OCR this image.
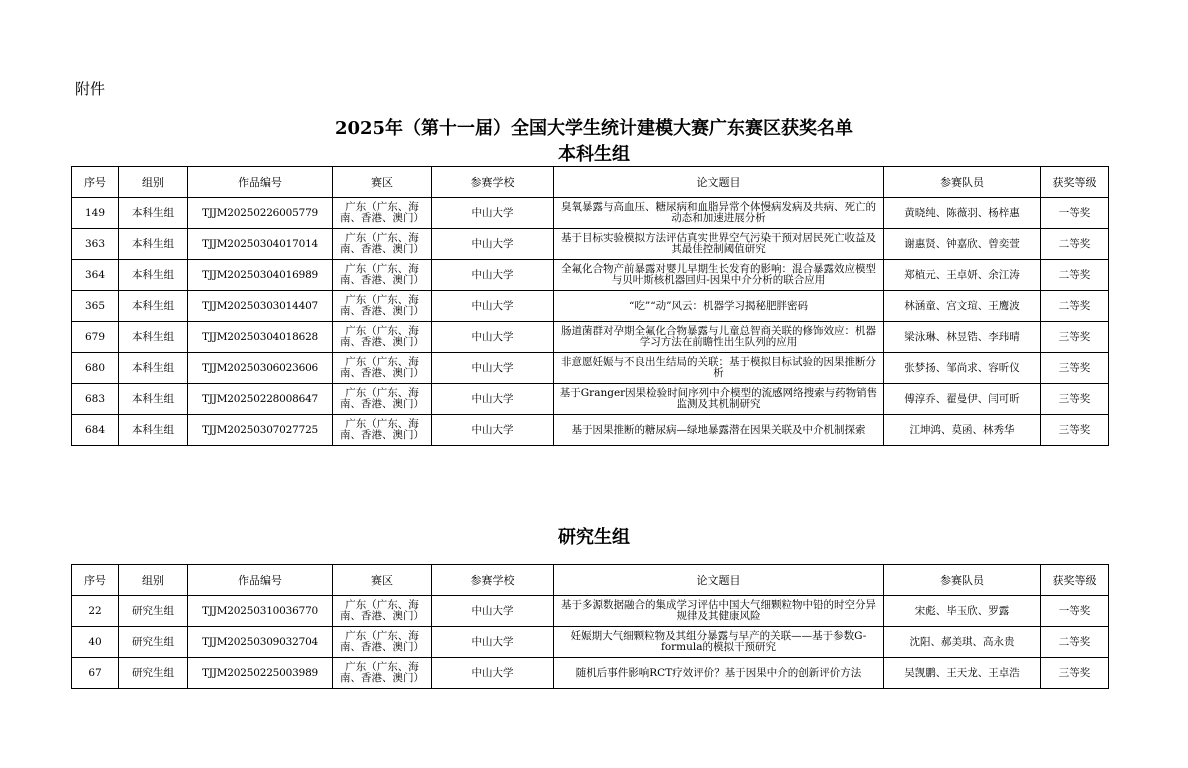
附件
2025年（第十一届）全国大学生统计建模大赛广东赛区获奖名单
本科生组
序号	组别	作品编号	赛区	参赛学校	论文题目	参赛队员	获奖等级
149	本科生组	TJJM20250226005779	广东（广东、海南、香港、澳门）	中山大学	臭氧暴露与高血压、糖尿病和血脂异常个体慢病发病及共病、死亡的动态和加速进展分析	黄晓纯、陈薇羽、杨梓惠	一等奖
363	本科生组	TJJM20250304017014	广东（广东、海南、香港、澳门）	中山大学	基于目标实验模拟方法评估真实世界空气污染干预对居民死亡收益及其最佳控制阈值研究	谢惠贤、钟嘉欣、曾奕萱	二等奖
364	本科生组	TJJM20250304016989	广东（广东、海南、香港、澳门）	中山大学	全氟化合物产前暴露对婴儿早期生长发育的影响：混合暴露效应模型与贝叶斯核机器回归-因果中介分析的联合应用	郑植元、王卓妍、余江涛	二等奖
365	本科生组	TJJM20250303014407	广东（广东、海南、香港、澳门）	中山大学	“吃”“动”风云：机器学习揭秘肥胖密码	林涵童、宫文瑄、王鹰波	二等奖
679	本科生组	TJJM20250304018628	广东（广东、海南、香港、澳门）	中山大学	肠道菌群对孕期全氟化合物暴露与儿童总智商关联的修饰效应：机器学习方法在前瞻性出生队列的应用	梁泳琳、林昱锆、李玮晴	三等奖
680	本科生组	TJJM20250306023606	广东（广东、海南、香港、澳门）	中山大学	非意愿妊娠与不良出生结局的关联：基于模拟目标试验的因果推断分析	张梦扬、邹尚求、容昕仪	三等奖
683	本科生组	TJJM20250228008647	广东（广东、海南、香港、澳门）	中山大学	基于Granger因果检验时间序列中介模型的流感网络搜索与药物销售监测及其机制研究	傅淳乔、翟曼伊、闫可昕	三等奖
684	本科生组	TJJM20250307027725	广东（广东、海南、香港、澳门）	中山大学	基于因果推断的糖尿病—绿地暴露潜在因果关联及中介机制探索	江坤鸿、莫函、林秀华	三等奖
研究生组
序号	组别	作品编号	赛区	参赛学校	论文题目	参赛队员	获奖等级
22	研究生组	TJJM20250310036770	广东（广东、海南、香港、澳门）	中山大学	基于多源数据融合的集成学习评估中国大气细颗粒物中铅的时空分异规律及其健康风险	宋彪、毕玉欣、罗露	一等奖
40	研究生组	TJJM20250309032704	广东（广东、海南、香港、澳门）	中山大学	妊娠期大气细颗粒物及其组分暴露与早产的关联——基于参数G-formula的模拟干预研究	沈阳、郝美琪、高永贵	二等奖
67	研究生组	TJJM20250225003989	广东（广东、海南、香港、澳门）	中山大学	随机后事件影响RCT疗效评价？基于因果中介的创新评价方法	吴觊鹏、王天龙、王卓浩	三等奖
